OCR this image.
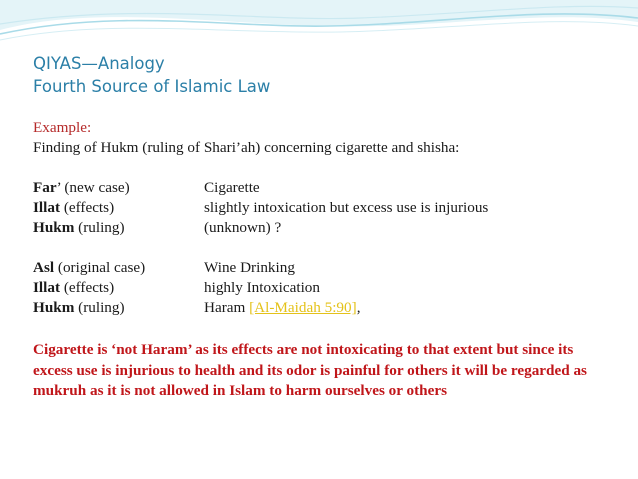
QIYAS—Analogy
Fourth Source of Islamic Law
Example:
Finding of Hukm (ruling of Shari’ah) concerning cigarette and shisha:
Far’ (new case)	Cigarette
Illat (effects)	slightly intoxication but excess use is injurious
Hukm (ruling)	(unknown) ?
Asl (original case)	Wine Drinking
Illat (effects)	highly Intoxication
Hukm (ruling)	Haram [Al-Maidah 5:90],
Cigarette is ‘not Haram’ as its effects are not intoxicating to that extent but since its excess use is injurious to health and its odor is painful for others it will be regarded as mukruh as it is not allowed in Islam to harm ourselves or others
